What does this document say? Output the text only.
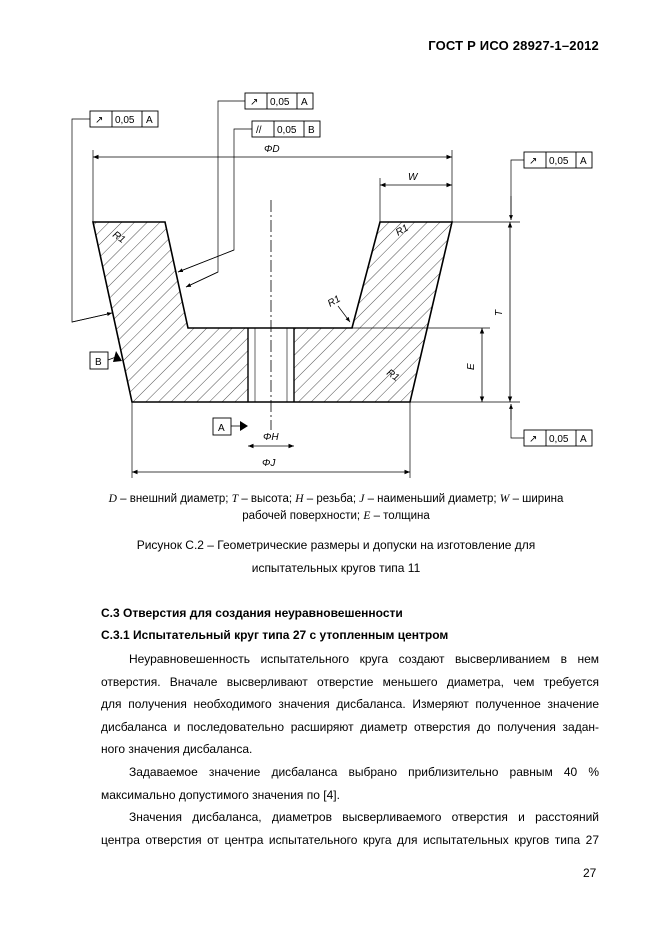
ГОСТ Р ИСО 28927-1–2012
ΦD
W
T
E
ΦH
ΦJ
R1	R1
R1
R1
↗ 0,05 A
↗ 0,05 A
// 0,05 B
↗ 0,05 A
↗ 0,05 A
B
A
D – внешний диаметр; T – высота; H – резьба; J – наименьший диаметр; W – ширина
рабочей поверхности; E – толщина
Рисунок С.2 – Геометрические размеры и допуски на изготовление для
испытательных кругов типа 11
С.3 Отверстия для создания неуравновешенности
С.3.1 Испытательный круг типа 27 с утопленным центром

Неуравновешенность испытательного круга создают высверливанием в нем

отверстия. Вначале высверливают отверстие меньшего диаметра, чем требуется

для получения необходимого значения дисбаланса. Измеряют полученное значение

дисбаланса и последовательно расширяют диаметр отверстия до получения задан-

ного значения дисбаланса.

Задаваемое значение дисбаланса выбрано приблизительно равным 40 %

максимально допустимого значения по [4].

Значения дисбаланса, диаметров высверливаемого отверстия и расстояний

центра отверстия от центра испытательного круга для испытательных кругов типа 27

27
